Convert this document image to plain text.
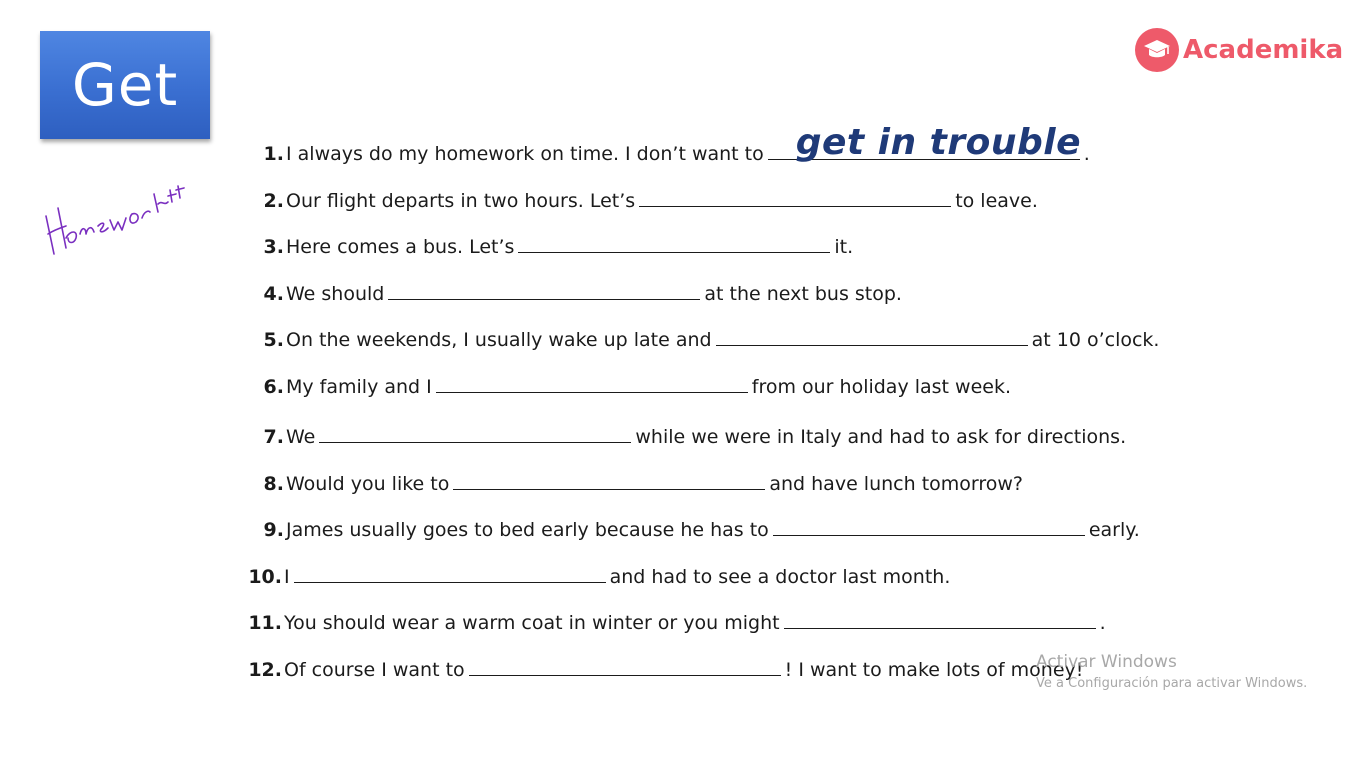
Get
Academika
1. I always do my homework on time. I don’t want to get in trouble .
2. Our flight departs in two hours. Let’s	to leave.
3. Here comes a bus. Let’s	it.
4. We should	at the next bus stop.
5. On the weekends, I usually wake up late and	at 10 o’clock.
6. My family and I	from our holiday last week.
7. We	while we were in Italy and had to ask for directions.
8. Would you like to	and have lunch tomorrow?
9. James usually goes to bed early because he has to	early.
10. I	and had to see a doctor last month.
11. You should wear a warm coat in winter or you might	.
12. Of course I want to	! I want to make lots of money!
Activar Windows
Ve a Configuración para activar Windows.
